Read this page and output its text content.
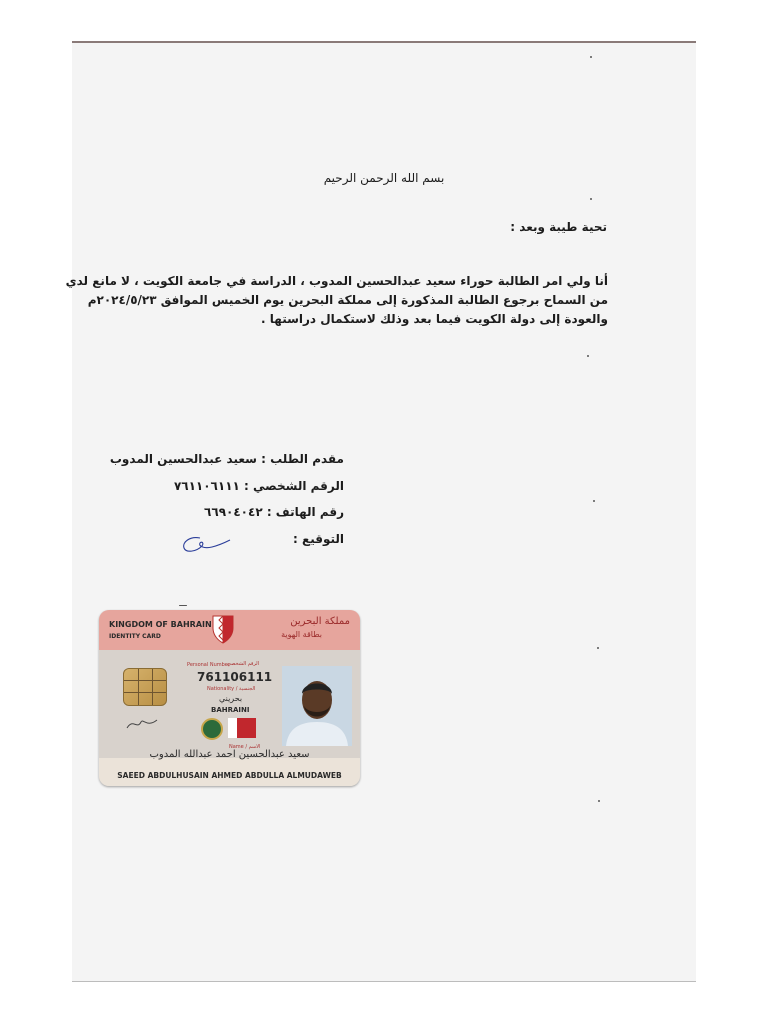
بسم الله الرحمن الرحيم
تحية طيبة وبعد :
أنا ولي امر الطالبة حوراء سعيد عبدالحسين المدوب ، الدراسة في جامعة الكويت ، لا مانع لدي
من السماح برجوع الطالبة المذكورة إلى مملكة البحرين يوم الخميس الموافق ٢٠٢٤/٥/٢٣م
والعودة إلى دولة الكويت فيما بعد وذلك لاستكمال دراستها .
مقدم الطلب : سعيد عبدالحسين المدوب
الرقم الشخصي : ٧٦١١٠٦١١١
رقم الهاتف : ٦٦٩٠٤٠٤٢
التوقيع :
KINGDOM OF BAHRAIN
IDENTITY CARD
مملكة البحرين
بطاقة الهوية
Personal Number
الرقم الشخصي
761106111
Nationality / الجنسية
بحريني
BAHRAINI
Name / الاسم
سعيد عبدالحسين احمد عبدالله المدوب
SAEED ABDULHUSAIN AHMED ABDULLA ALMUDAWEB
